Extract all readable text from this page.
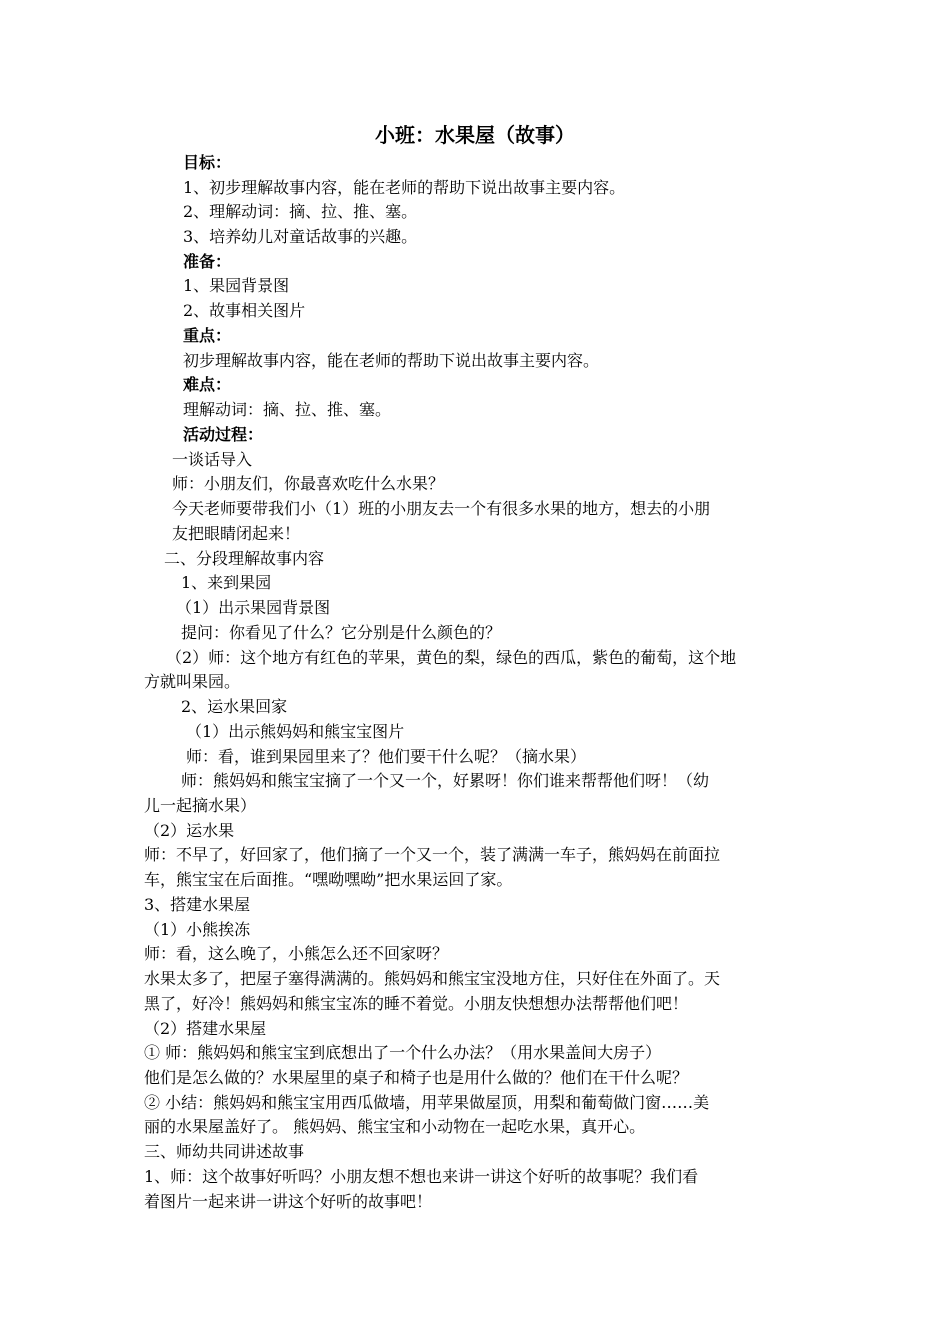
小班：水果屋（故事）
目标：
1、初步理解故事内容，能在老师的帮助下说出故事主要内容。
2、理解动词：摘、拉、推、塞。
3、培养幼儿对童话故事的兴趣。
准备：
1、果园背景图
2、故事相关图片
重点：
初步理解故事内容，能在老师的帮助下说出故事主要内容。
难点：
理解动词：摘、拉、推、塞。
活动过程：
一谈话导入
师：小朋友们，你最喜欢吃什么水果？
今天老师要带我们小（1）班的小朋友去一个有很多水果的地方，想去的小朋
友把眼睛闭起来！
二、分段理解故事内容
1、来到果园
（1）出示果园背景图
提问：你看见了什么？它分别是什么颜色的？
（2）师：这个地方有红色的苹果，黄色的梨，绿色的西瓜，紫色的葡萄，这个地
方就叫果园。
2、运水果回家
（1）出示熊妈妈和熊宝宝图片
师：看，谁到果园里来了？他们要干什么呢？（摘水果）
师：熊妈妈和熊宝宝摘了一个又一个，好累呀！你们谁来帮帮他们呀！（幼
儿一起摘水果）
（2）运水果
师：不早了，好回家了，他们摘了一个又一个，装了满满一车子，熊妈妈在前面拉
车，熊宝宝在后面推。“嘿呦嘿呦”把水果运回了家。
3、搭建水果屋
（1）小熊挨冻
师：看，这么晚了，小熊怎么还不回家呀？
水果太多了，把屋子塞得满满的。熊妈妈和熊宝宝没地方住，只好住在外面了。天
黑了，好冷！熊妈妈和熊宝宝冻的睡不着觉。小朋友快想想办法帮帮他们吧！
（2）搭建水果屋
① 师：熊妈妈和熊宝宝到底想出了一个什么办法？（用水果盖间大房子）
他们是怎么做的？水果屋里的桌子和椅子也是用什么做的？他们在干什么呢？
② 小结：熊妈妈和熊宝宝用西瓜做墙，用苹果做屋顶，用梨和葡萄做门窗……美
丽的水果屋盖好了。 熊妈妈、熊宝宝和小动物在一起吃水果，真开心。
三、师幼共同讲述故事
1、师：这个故事好听吗？小朋友想不想也来讲一讲这个好听的故事呢？我们看
着图片一起来讲一讲这个好听的故事吧！
